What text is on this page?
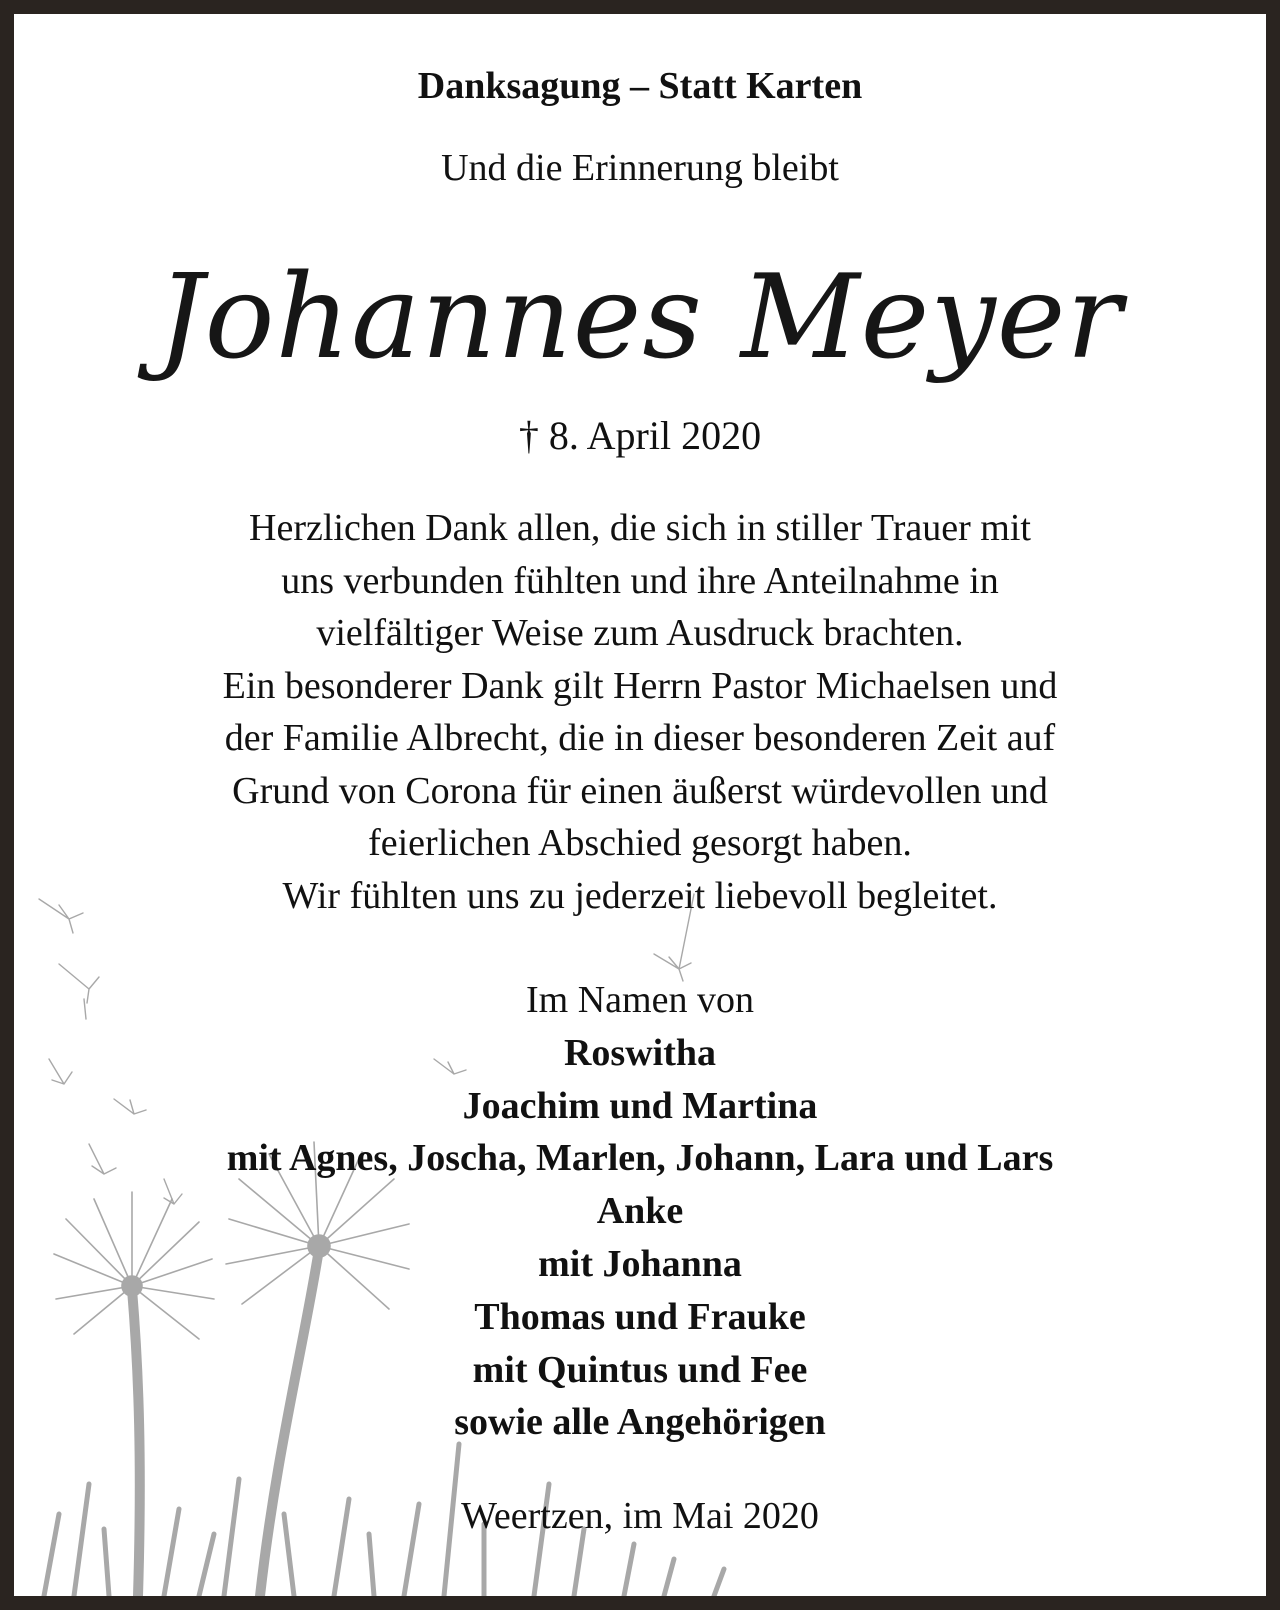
Danksagung – Statt Karten
Und die Erinnerung bleibt
Johannes Meyer
† 8. April 2020
Herzlichen Dank allen, die sich in stiller Trauer mit
uns verbunden fühlten und ihre Anteilnahme in
vielfältiger Weise zum Ausdruck brachten.
Ein besonderer Dank gilt Herrn Pastor Michaelsen und
der Familie Albrecht, die in dieser besonderen Zeit auf
Grund von Corona für einen äußerst würdevollen und
feierlichen Abschied gesorgt haben.
Wir fühlten uns zu jederzeit liebevoll begleitet.
Im Namen von
Roswitha
Joachim und Martina
mit Agnes, Joscha, Marlen, Johann, Lara und Lars
Anke
mit Johanna
Thomas und Frauke
mit Quintus und Fee
sowie alle Angehörigen
Weertzen, im Mai 2020
